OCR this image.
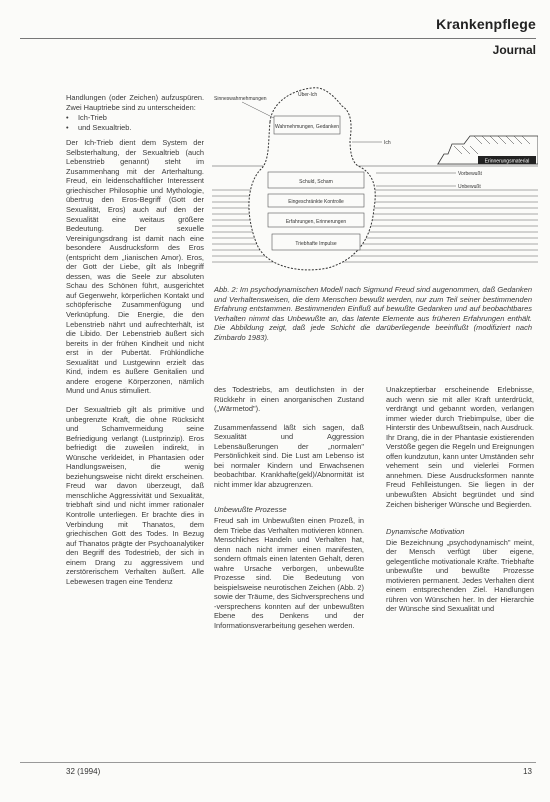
Krankenpflege
Journal
Wahrnehmungen, Gedanken
Schuld, Scham
Eingeschränkte Kontrolle
Erfahrungen, Erinnerungen
Triebhafte Impulse
Sinneswahrnehmungen
Über-Ich
Ich
Vorbewußt
Unbewußt
Erinnerungsmaterial
Abb. 2: Im psychodynamischen Modell nach Sigmund Freud sind augenommen, daß Gedanken und Verhaltensweisen, die dem Menschen bewußt werden, nur zum Teil seiner bestimmenden Erfahrung entstammen. Bestimmenden Einfluß auf bewußte Gedanken und auf beobachtbares Verhalten nimmt das Unbewußte an, das latente Elemente aus früheren Erfahrungen enthält. Die Abbildung zeigt, daß jede Schicht die darüberliegende beeinflußt (modifiziert nach Zimbardo 1983).

Handlungen (oder Zeichen) aufzuspüren. Zwei Hauptriebe sind zu unterscheiden:

• Ich-Trieb
• und Sexualtrieb.

Der Ich-Trieb dient dem System der Selbsterhaltung, der Sexualtrieb (auch Lebenstrieb genannt) steht im Zusammenhang mit der Arterhaltung. Freud, ein leidenschaftlicher Interessent griechischer Philosophie und Mythologie, übertrug den Eros-Begriff (Gott der Sexualität, Eros) auch auf den der Sexualität eine weitaus größere Bedeutung. Der sexuelle Vereinigungsdrang ist damit nach eine besondere Ausdrucksform des Eros (entspricht dem „Iianischen Amor). Eros, der Gott der Liebe, gilt als Inbegriff dessen, was die Seele zur absoluten Schau des Schönen führt, ausgerichtet auf Gegenwehr, körperlichen Kontakt und schöpferische Zusammenfügung und Verknüpfung. Die Energie, die den Lebenstrieb nährt und aufrechterhält, ist die Libido. Der Lebenstrieb äußert sich bereits in der frühen Kindheit und nicht erst in der Pubertät. Frühkindliche Sexualität und Lustgewinn erzielt das Kind, indem es äußere Genitalien und andere erogene Körperzonen, nämlich Mund und Anus stimuliert.

Der Sexualtrieb gilt als primitive und unbegrenzte Kraft, die ohne Rücksicht und Schamvermeidung seine Befriedigung verlangt (Lustprinzip). Eros befriedigt die zuweilen indirekt, in Wünsche verkleidet, in Phantasien oder Handlungsweisen, die wenig beziehungsweise nicht direkt erscheinen. Freud war davon überzeugt, daß menschliche Aggressivität und Sexualität, triebhaft sind und nicht immer rationaler Kontrolle unterliegen. Er brachte dies in Verbindung mit Thanatos, dem griechischen Gott des Todes. In Bezug auf Thanatos prägte der Psychoanalytiker den Begriff des Todestrieb, der sich in einem Drang zu aggressivem und zerstörerischem Verhalten äußert. Alle Lebewesen tragen eine Tendenz

des Todestriebs, am deutlichsten in der Rückkehr in einen anorganischen Zustand („Wärmetod").

Zusammenfassend läßt sich sagen, daß Sexualität und Aggression Lebensäußerungen der „normalen" Persönlichkeit sind. Die Lust am Lebenso ist bei normaler Kindern und Erwachsenen beobachtbar. Krankhafte(gekl)/Abnormität ist nicht immer klar abzugrenzen.

Unbewußte Prozesse

Freud sah im Unbewußten einen Prozeß, in dem Triebe das Verhalten motivieren können. Menschliches Handeln und Verhalten hat, denn nach nicht immer einen manifesten, sondern oftmals einen latenten Gehalt, deren wahre Ursache verborgen, unbewußte Prozesse sind. Die Bedeutung von beispielsweise neurotischen Zeichen (Abb. 2) sowie der Träume, des Sichversprechens und -versprechens konnten auf der unbewußten Ebene des Denkens und der Informationsverarbeitung gesehen werden.

Unakzeptierbar erscheinende Erlebnisse, auch wenn sie mit aller Kraft unterdrückt, verdrängt und gebannt worden, verlangen immer wieder durch Triebimpulse, über die Hinterstir des Unbewußtsein, nach Ausdruck. Ihr Drang, die in der Phantasie existierenden Verstöße gegen die Regeln und Ereignungen offen kundzutun, kann unter Umständen sehr vehement sein und vielerlei Formen annehmen. Diese Ausdrucksformen nannte Freud Fehlleistungen. Sie liegen in der unbewußten Absicht begründet und sind Zeichen bisheriger Wünsche und Begierden.

Dynamische Motivation

Die Bezeichnung „psychodynamisch" meint, der Mensch verfügt über eigene, gelegentliche motivationale Kräfte. Triebhafte unbewußte und bewußte Prozesse motivieren permanent. Jedes Verhalten dient einem entsprechenden Ziel. Handlungen rühren von Wünschen her. In der Hierarchie der Wünsche sind Sexualität und

32 (1994)	13
